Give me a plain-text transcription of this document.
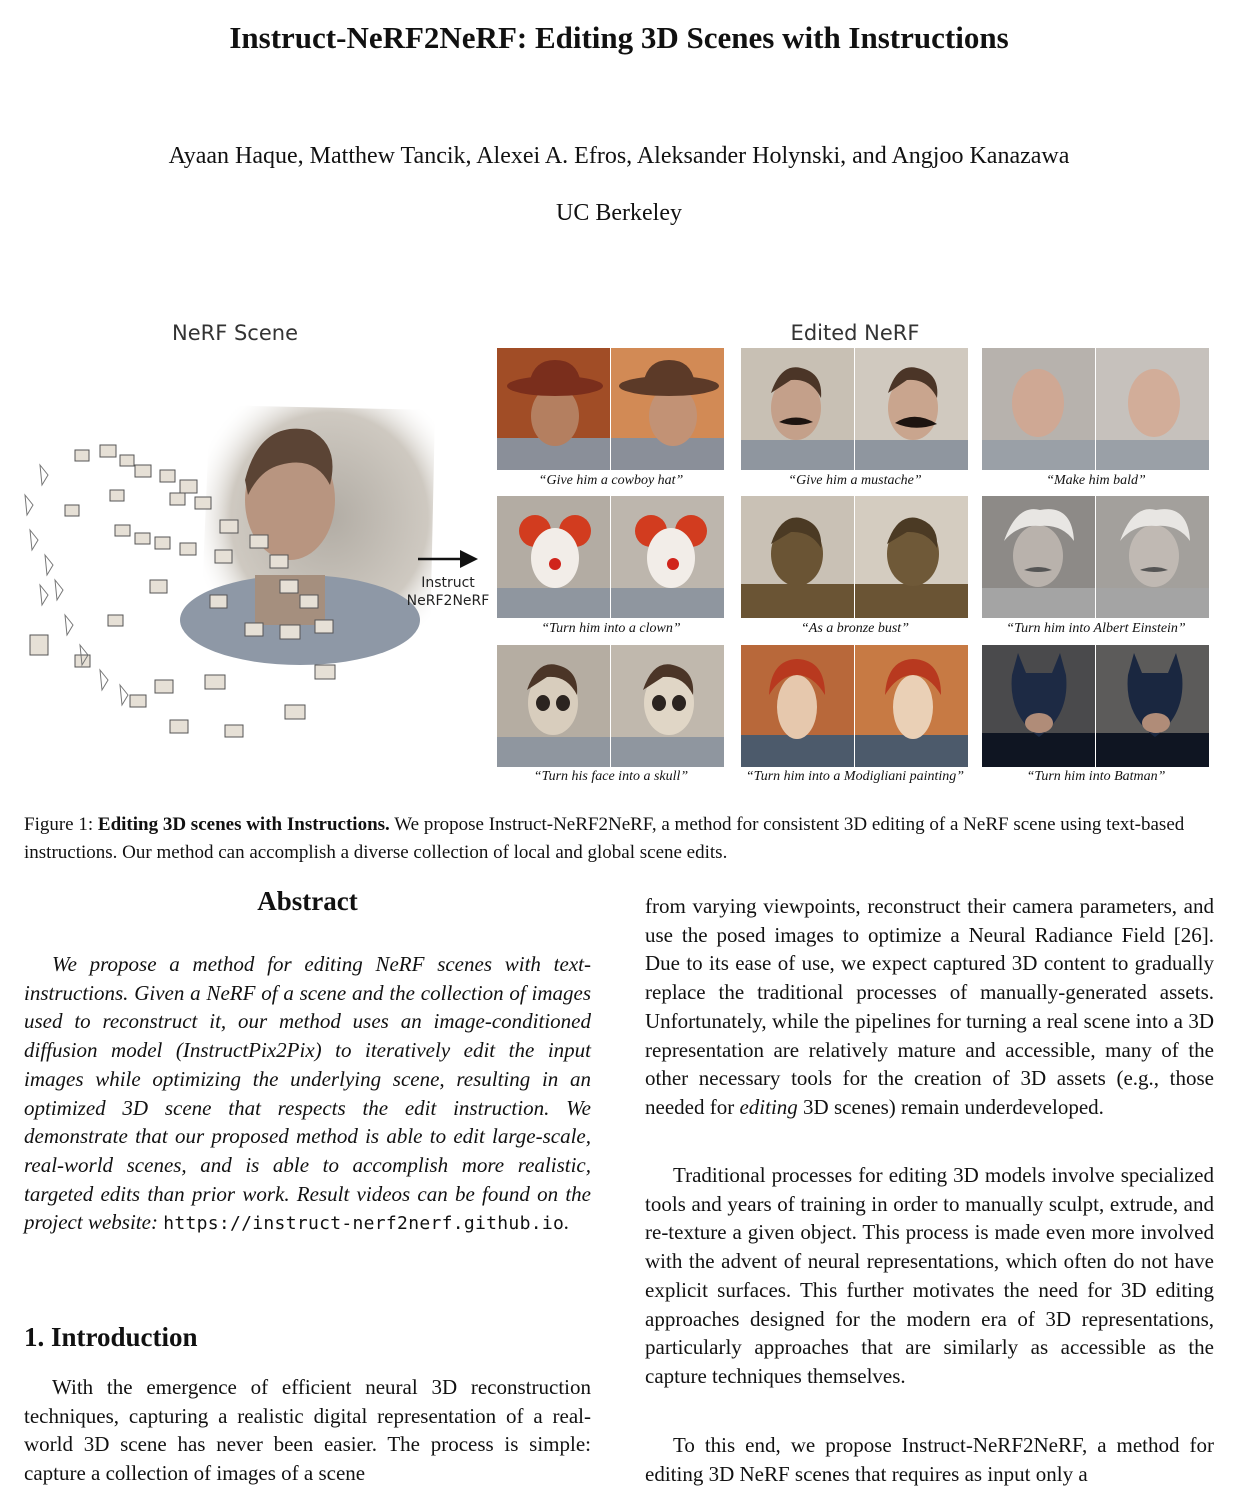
Instruct-NeRF2NeRF: Editing 3D Scenes with Instructions
Ayaan Haque, Matthew Tancik, Alexei A. Efros, Aleksander Holynski, and Angjoo Kanazawa
UC Berkeley
NeRF Scene	Edited NeRF
Instruct
NeRF2NeRF
“Give him a cowboy hat”	“Give him a mustache”	“Make him bald”
“Turn him into a clown”	“As a bronze bust”	“Turn him into Albert Einstein”
“Turn his face into a skull”	“Turn him into a Modigliani painting”	“Turn him into Batman”
Figure 1: Editing 3D scenes with Instructions. We propose Instruct-NeRF2NeRF, a method for consistent 3D editing of a NeRF scene using text-based instructions. Our method can accomplish a diverse collection of local and global scene edits.
Abstract

We propose a method for editing NeRF scenes with text-instructions. Given a NeRF of a scene and the collection of images used to reconstruct it, our method uses an image-conditioned diffusion model (InstructPix2Pix) to iteratively edit the input images while optimizing the underlying scene, resulting in an optimized 3D scene that respects the edit instruction. We demonstrate that our proposed method is able to edit large-scale, real-world scenes, and is able to accomplish more realistic, targeted edits than prior work. Result videos can be found on the project website: https://instruct-nerf2nerf.github.io.

1. Introduction

With the emergence of efficient neural 3D reconstruction techniques, capturing a realistic digital representation of a real-world 3D scene has never been easier. The process is simple: capture a collection of images of a scene

from varying viewpoints, reconstruct their camera parameters, and use the posed images to optimize a Neural Radiance Field [26]. Due to its ease of use, we expect captured 3D content to gradually replace the traditional processes of manually-generated assets. Unfortunately, while the pipelines for turning a real scene into a 3D representation are relatively mature and accessible, many of the other necessary tools for the creation of 3D assets (e.g., those needed for editing 3D scenes) remain underdeveloped.

Traditional processes for editing 3D models involve specialized tools and years of training in order to manually sculpt, extrude, and re-texture a given object. This process is made even more involved with the advent of neural representations, which often do not have explicit surfaces. This further motivates the need for 3D editing approaches designed for the modern era of 3D representations, particularly approaches that are similarly as accessible as the capture techniques themselves.

To this end, we propose Instruct-NeRF2NeRF, a method for editing 3D NeRF scenes that requires as input only a
